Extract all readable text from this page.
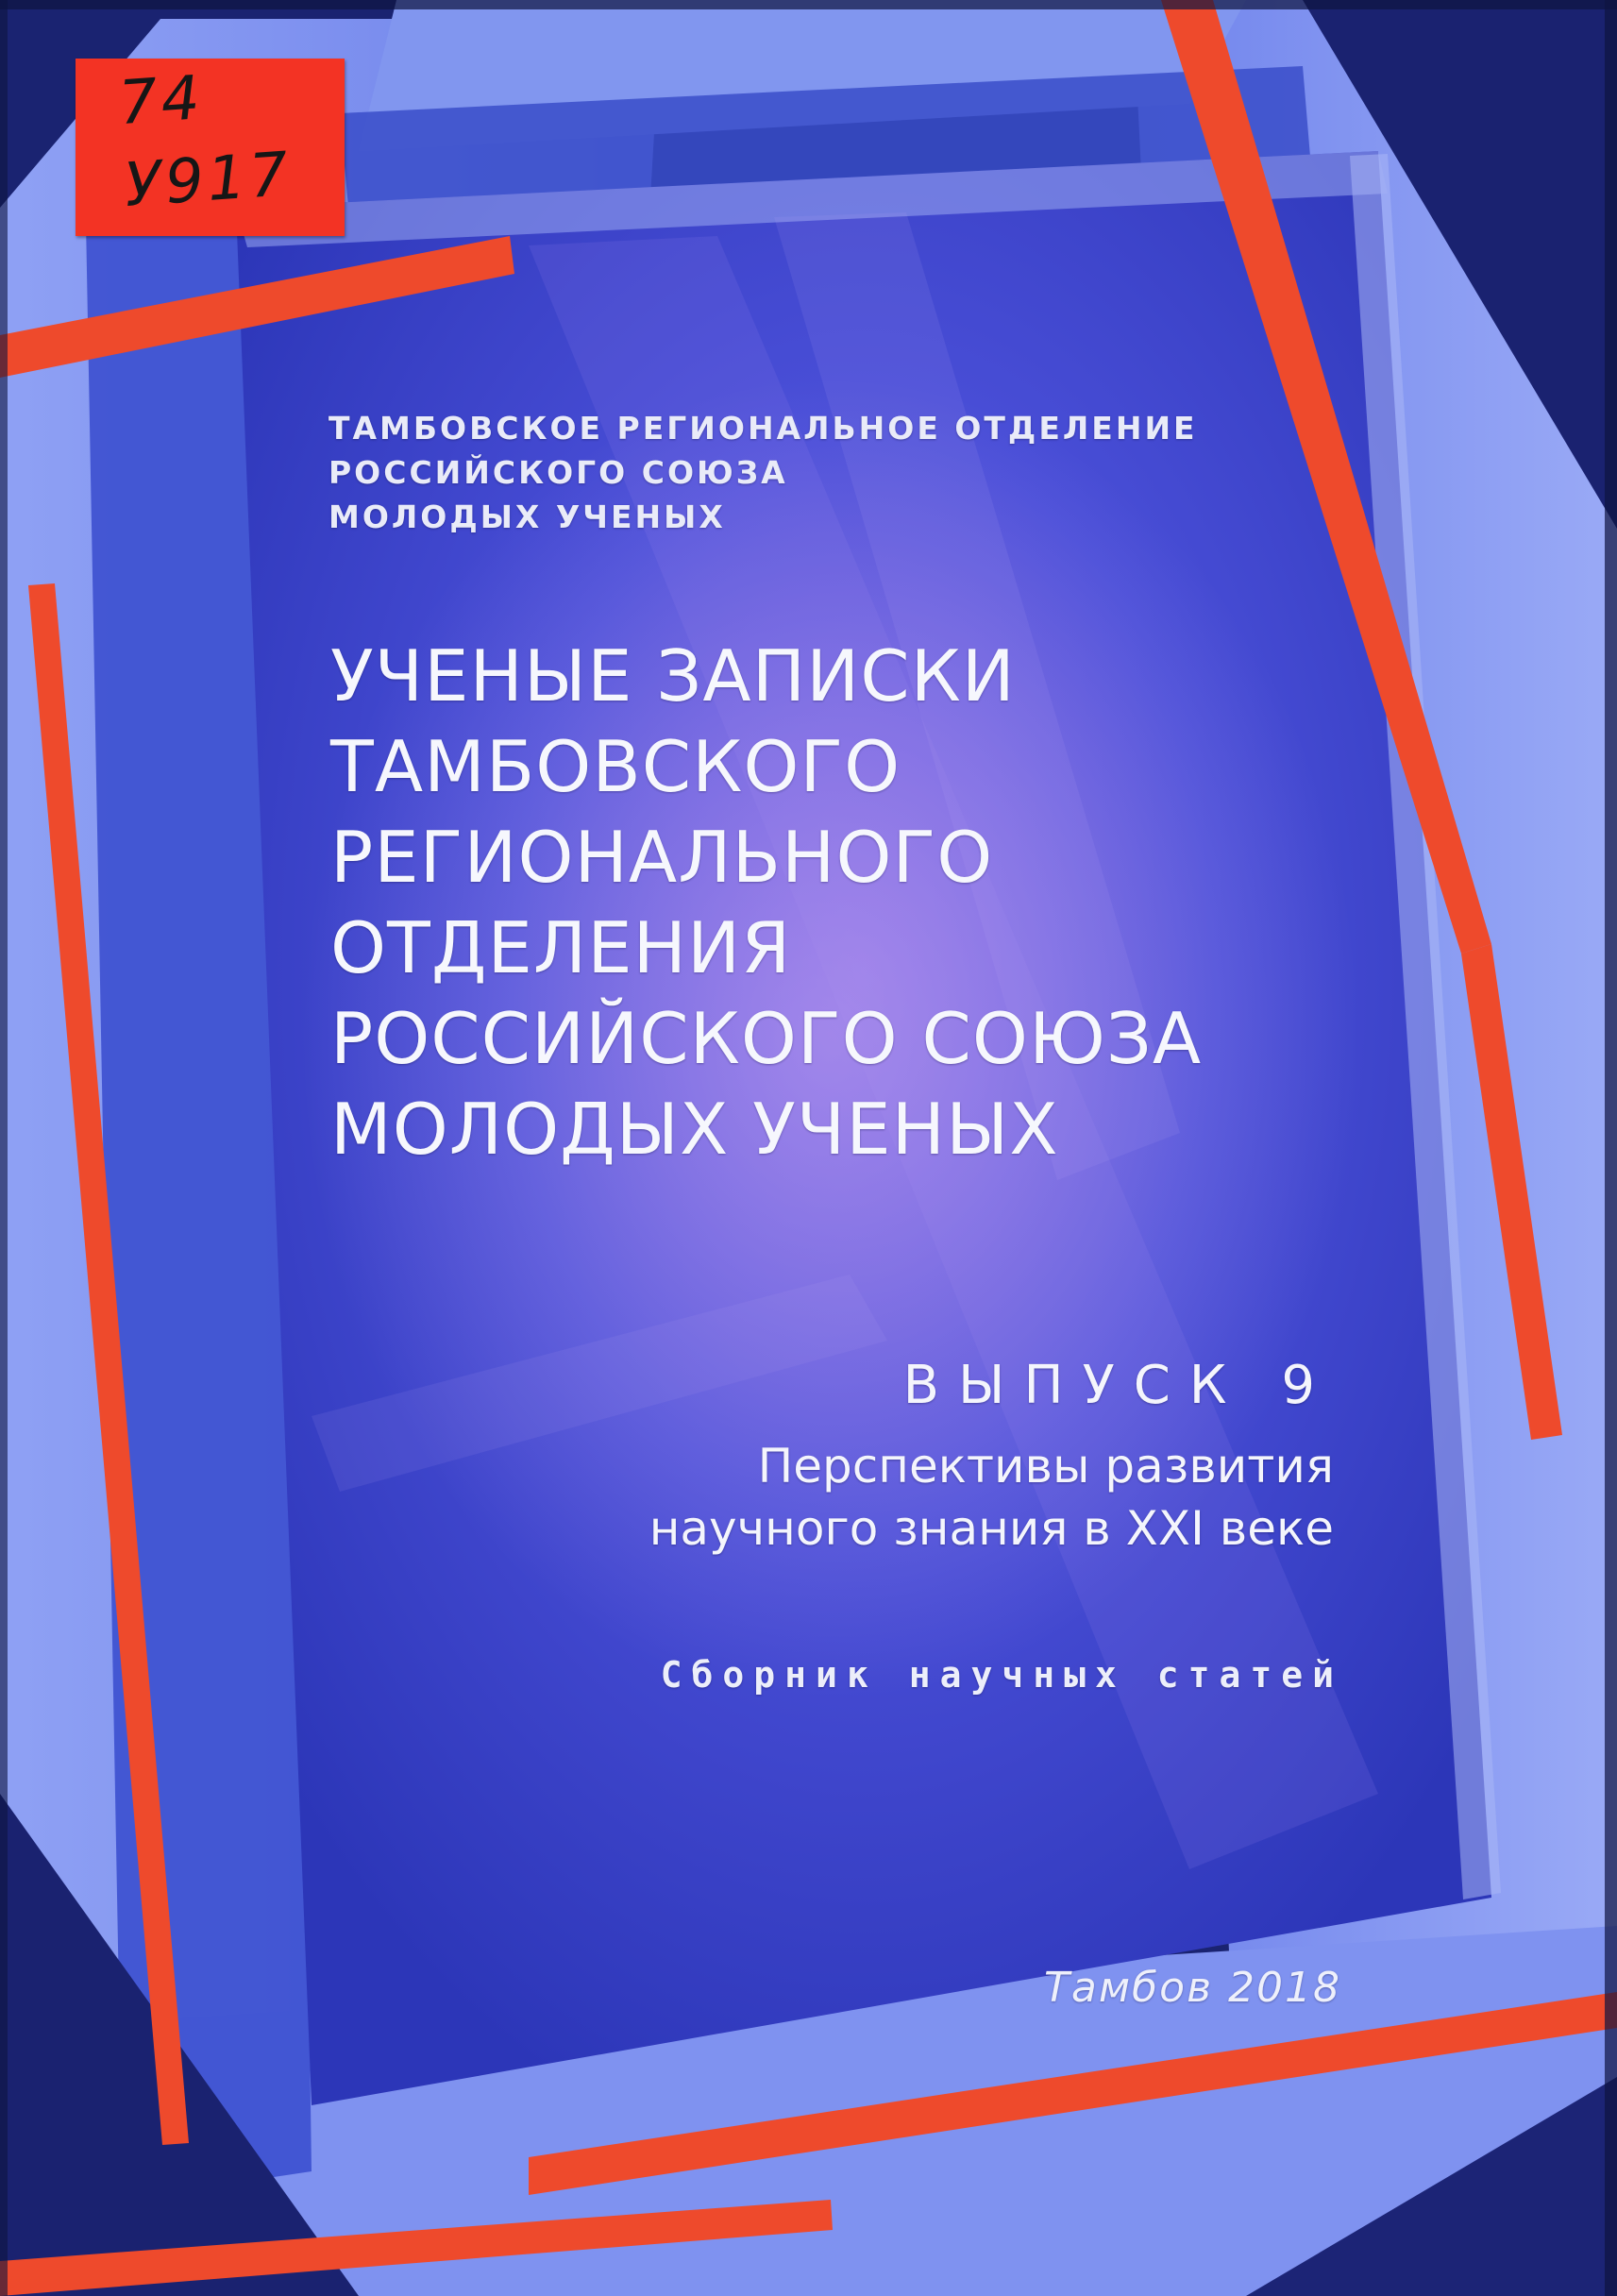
74
У917
ТАМБОВСКОЕ РЕГИОНАЛЬНОЕ ОТДЕЛЕНИЕ
РОССИЙСКОГО СОЮЗА
МОЛОДЫХ УЧЕНЫХ
УЧЕНЫЕ ЗАПИСКИ
ТАМБОВСКОГО
РЕГИОНАЛЬНОГО
ОТДЕЛЕНИЯ
РОССИЙСКОГО СОЮЗА
МОЛОДЫХ УЧЕНЫХ
ВЫПУСК 9
Перспективы развития
научного знания в XXI веке
Сборник научных статей
Тамбов 2018
